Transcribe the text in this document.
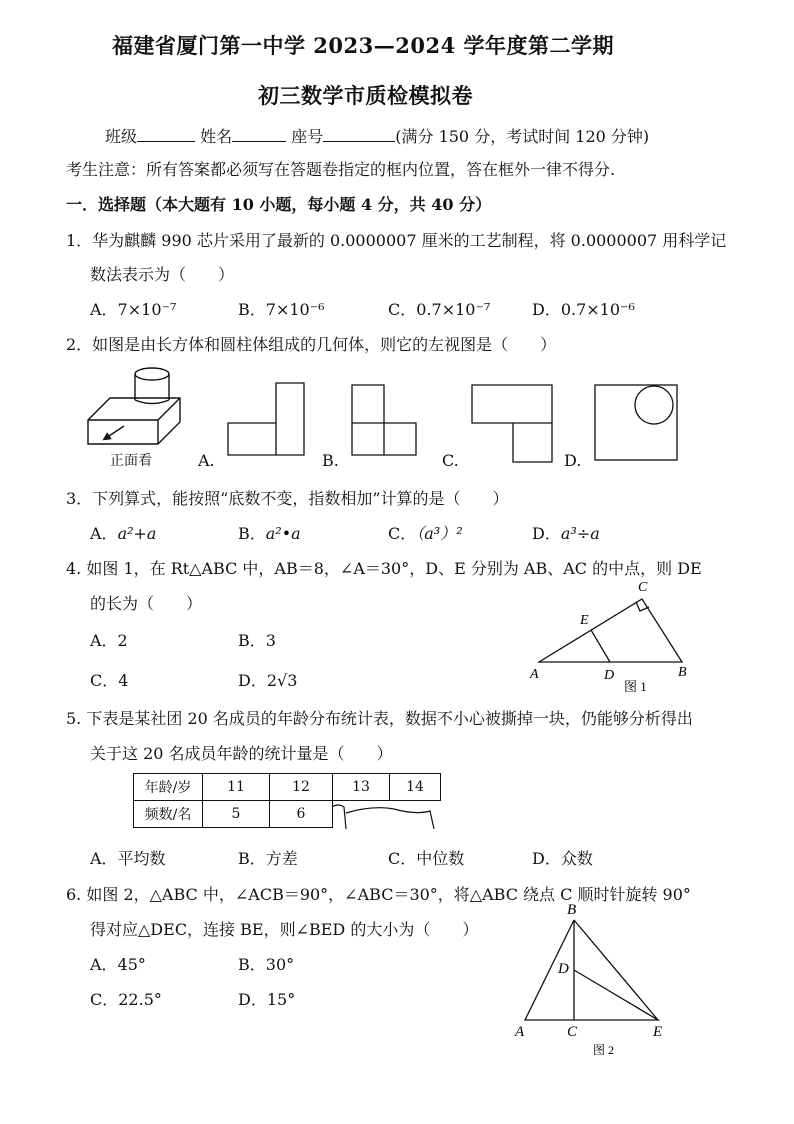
福建省厦门第一中学 2023—2024 学年度第二学期
初三数学市质检模拟卷
班级	姓名	座号	(满分 150 分，考试时间 120 分钟)
考生注意：所有答案都必须写在答题卷指定的框内位置，答在框外一律不得分.
一．选择题（本大题有 10 小题，每小题 4 分，共 40 分）
1．华为麒麟 990 芯片采用了最新的 0.0000007 厘米的工艺制程，将 0.0000007 用科学记
数法表示为（　　）
A．7×10⁻⁷	B．7×10⁻⁶	C．0.7×10⁻⁷	D．0.7×10⁻⁶
2．如图是由长方体和圆柱体组成的几何体，则它的左视图是（　　）
正面看	A.	B.	C.	D.
3．下列算式，能按照“底数不变，指数相加”计算的是（　　）
A．a²+a	B．a²•a	C．（a³）²	D．a³÷a
4. 如图 1，在 Rt△ABC 中，AB＝8，∠A＝30°，D、E 分别为 AB、AC 的中点，则 DE
的长为（　　）
A．2	B．3
C．4	D．2√3	A	B
C
D
E
图 1
5. 下表是某社团 20 名成员的年龄分布统计表，数据不小心被撕掉一块，仍能够分析得出
关于这 20 名成员年龄的统计量是（　　）
年龄/岁	11	12	13	14
频数/名	5	6	
A．平均数	B．方差	C．中位数	D．众数
6. 如图 2，△ABC 中，∠ACB＝90°，∠ABC＝30°，将△ABC 绕点 C 顺时针旋转 90°
得对应△DEC，连接 BE，则∠BED 的大小为（　　）
A．45°	B．30°
C．22.5°	D．15°
A
B
C
D
E
图 2
